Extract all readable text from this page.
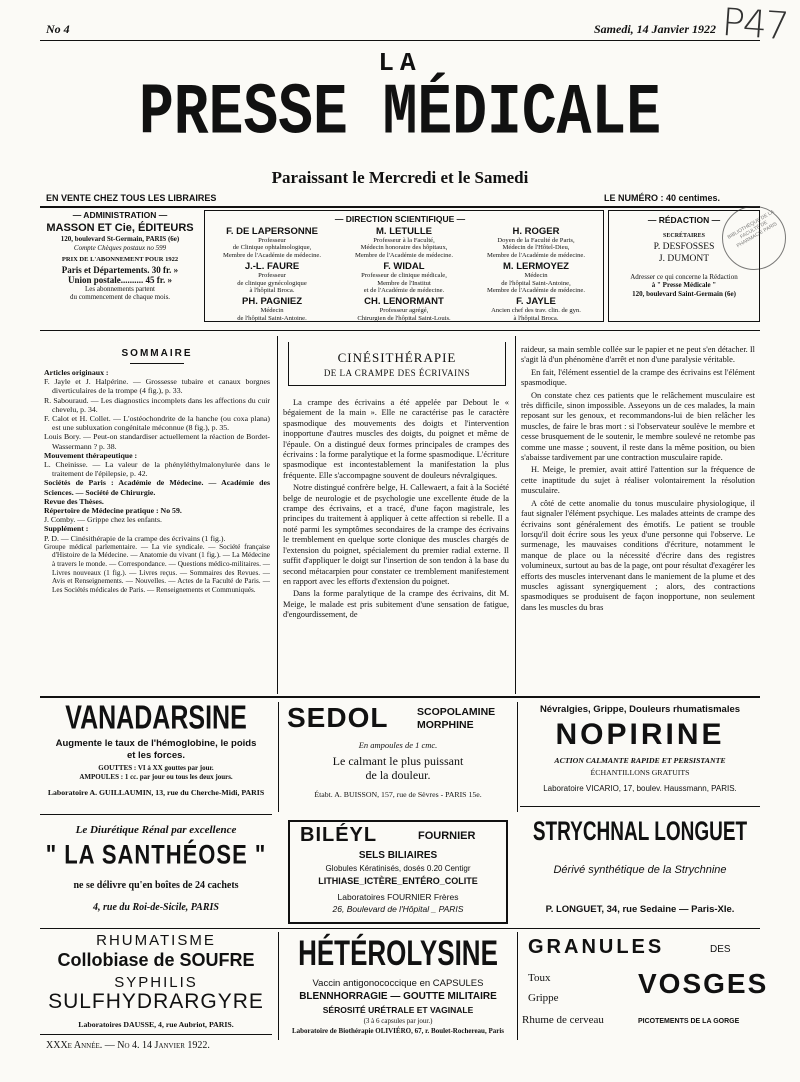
No 4	Samedi, 14 Janvier 1922 P47
LA
PRESSE MÉDICALE
Paraissant le Mercredi et le Samedi
EN VENTE CHEZ TOUS LES LIBRAIRES	LE NUMÉRO : 40 centimes.
— ADMINISTRATION —
MASSON ET Cie, ÉDITEURS
120, boulevard St-Germain, PARIS (6e)
Compte Chèques postaux no 599
PRIX DE L'ABONNEMENT POUR 1922
Paris et Départements. 30 fr. »
Union postale.......... 45 fr. »
Les abonnements partent
du commencement de chaque mois.
— DIRECTION SCIENTIFIQUE —
F. DE LAPERSONNE
Professeur
de Clinique ophtalmologique,
Membre de l'Académie de médecine.
M. LETULLE
Professeur à la Faculté,
Médecin honoraire des hôpitaux,
Membre de l'Académie de médecine.
H. ROGER
Doyen de la Faculté de Paris,
Médecin de l'Hôtel-Dieu,
Membre de l'Académie de médecine.
J.-L. FAURE
Professeur
de clinique gynécologique
à l'hôpital Broca.
F. WIDAL
Professeur de clinique médicale,
Membre de l'Institut
et de l'Académie de médecine.
M. LERMOYEZ
Médecin
de l'hôpital Saint-Antoine,
Membre de l'Académie de médecine.
PH. PAGNIEZ
Médecin
de l'hôpital Saint-Antoine.
CH. LENORMANT
Professeur agrégé,
Chirurgien de l'hôpital Saint-Louis.
F. JAYLE
Ancien chef des trav. clin. de gyn.
à l'hôpital Broca.
— RÉDACTION —
SECRÉTAIRES
P. DESFOSSES
J. DUMONT
Adresser ce qui concerne la Rédaction
à " Presse Médicale "
120, boulevard Saint-Germain (6e)
BIBLIOTHÈQUE DE LA FACULTÉ DE PHARMACIE PARIS
SOMMAIRE
Articles originaux :
F. Jayle et J. Halpérine. — Grossesse tubaire et canaux borgnes diverticulaires de la trompe (4 fig.), p. 33.
R. Sabouraud. — Les diagnostics incomplets dans les affections du cuir chevelu, p. 34.
F. Calot et H. Collet. — L'ostéochondrite de la hanche (ou coxa plana) est une subluxation congénitale méconnue (8 fig.), p. 35.
Louis Bory. — Peut-on standardiser actuellement la réaction de Bordet-Wassermann ? p. 38.
Mouvement thérapeutique :
L. Cheinisse. — La valeur de la phényléthylmalonylurée dans le traitement de l'épilepsie, p. 42.
Sociétés de Paris : Académie de Médecine. — Académie des Sciences. — Société de Chirurgie.
Revue des Thèses.
Répertoire de Médecine pratique : No 59.
J. Comby. — Grippe chez les enfants.
Supplément :
P. D. — Cinésithérapie de la crampe des écrivains (1 fig.).
Groupe médical parlementaire. — La vie syndicale. — Société française d'Histoire de la Médecine. — Anatomie du vivant (1 fig.). — La Médecine à travers le monde. — Correspondance. — Questions médico-militaires. — Livres nouveaux (1 fig.). — Livres reçus. — Sommaires des Revues. — Avis et Renseignements. — Nouvelles. — Actes de la Faculté de Paris. — Les Sociétés médicales de Paris. — Renseignements et Communiqués.
CINÉSITHÉRAPIE
DE LA CRAMPE DES ÉCRIVAINS

La crampe des écrivains a été appelée par Debout le « bégaiement de la main ». Elle ne caractérise pas le caractère spasmodique des mouvements des doigts et l'intervention inopportune d'autres muscles des doigts, du poignet et même de l'épaule. On a distingué deux formes principales de crampes des écrivains : la forme paralytique et la forme spasmodique. L'écriture spasmodique est incontestablement la manifestation la plus fréquente. Elle s'accompagne souvent de douleurs névralgiques.

Notre distingué confrère belge, H. Callewaert, a fait à la Société belge de neurologie et de psychologie une excellente étude de la crampe des écrivains, et a tracé, d'une façon magistrale, les principes du traitement à appliquer à cette affection si rebelle. Il a noté parmi les symptômes secondaires de la crampe des écrivains le tremblement en quelque sorte clonique des muscles chargés de l'extension du poignet, spécialement du premier radial externe. Il suffit d'appliquer le doigt sur l'insertion de son tendon à la base du second métacarpien pour constater ce tremblement manifestement en rapport avec les efforts d'extension du poignet.

Dans la forme paralytique de la crampe des écrivains, dit M. Meige, le malade est pris subitement d'une sensation de fatigue, d'engourdissement, de

raideur, sa main semble collée sur le papier et ne peut s'en détacher. Il s'agit là d'un phénomène d'arrêt et non d'une paralysie véritable.

En fait, l'élément essentiel de la crampe des écrivains est l'élément spasmodique.

On constate chez ces patients que le relâchement musculaire est très difficile, sinon impossible. Asseyons un de ces malades, la main reposant sur les genoux, et recommandons-lui de bien relâcher les muscles, de faire le bras mort : si l'observateur soulève le membre et cesse brusquement de le soutenir, le membre soulevé ne retombe pas comme une masse ; souvent, il reste dans la même position, ou bien s'abaisse tardivement par une contraction musculaire rapide.

H. Meige, le premier, avait attiré l'attention sur la fréquence de cette inaptitude du sujet à réaliser volontairement la résolution musculaire.

A côté de cette anomalie du tonus musculaire physiologique, il faut signaler l'élément psychique. Les malades atteints de crampe des écrivains sont généralement des émotifs. Le patient se trouble lorsqu'il doit écrire sous les yeux d'une personne qui l'observe. Le surmenage, les mauvaises conditions d'écriture, notamment le manque de place ou la nécessité d'écrire dans des registres volumineux, surtout au bas de la page, ont pour résultat d'exagérer les efforts des muscles intervenant dans le maniement de la plume et des muscles agissant synergiquement ; alors, des contractions spasmodiques se produisent de façon inopportune, non seulement dans les muscles du bras

VANADARSINE
Augmente le taux de l'hémoglobine, le poids
et les forces.
GOUTTES : VI à XX gouttes par jour.
AMPOULES : 1 cc. par jour ou tous les deux jours.
Laboratoire A. GUILLAUMIN, 13, rue du Cherche-Midi, PARIS
SEDOL	SCOPOLAMINE
MORPHINE
En ampoules de 1 cmc.
Le calmant le plus puissant
de la douleur.
Étabt. A. BUISSON, 157, rue de Sèvres - PARIS 15e.
Névralgies, Grippe, Douleurs rhumatismales
NOPIRINE
ACTION CALMANTE RAPIDE ET PERSISTANTE
ÉCHANTILLONS GRATUITS
Laboratoire VICARIO, 17, boulev. Haussmann, PARIS.
Le Diurétique Rénal par excellence
" LA SANTHÉOSE "
ne se délivre qu'en boîtes de 24 cachets
4, rue du Roi-de-Sicile, PARIS
BILÉYL	FOURNIER
SELS BILIAIRES
Globules Kératinisés, dosés 0.20 Centigr
LITHIASE_ICTÈRE_ENTÉRO_COLITE
Laboratoires FOURNIER Frères
26, Boulevard de l'Hôpital _ PARIS
STRYCHNAL LONGUET
Dérivé synthétique de la Strychnine
P. LONGUET, 34, rue Sedaine — Paris-XIe.
RHUMATISME
Collobiase de SOUFRE
SYPHILIS
SULFHYDRARGYRE
Laboratoires DAUSSE, 4, rue Aubriot, PARIS.
HÉTÉROLYSINE
Vaccin antigonococcique en CAPSULES
BLENNHORRAGIE — GOUTTE MILITAIRE
SÉROSITÉ URÉTRALE ET VAGINALE
(3 à 6 capsules par jour.)
Laboratoire de Biothérapie OLIVIÉRO, 67, r. Boulet-Rochereau, Paris
GRANULES	DES
Toux
Grippe	VOSGES
Rhume de cerveau	PICOTEMENTS DE LA GORGE
XXXe Année. — No 4. 14 Janvier 1922.
